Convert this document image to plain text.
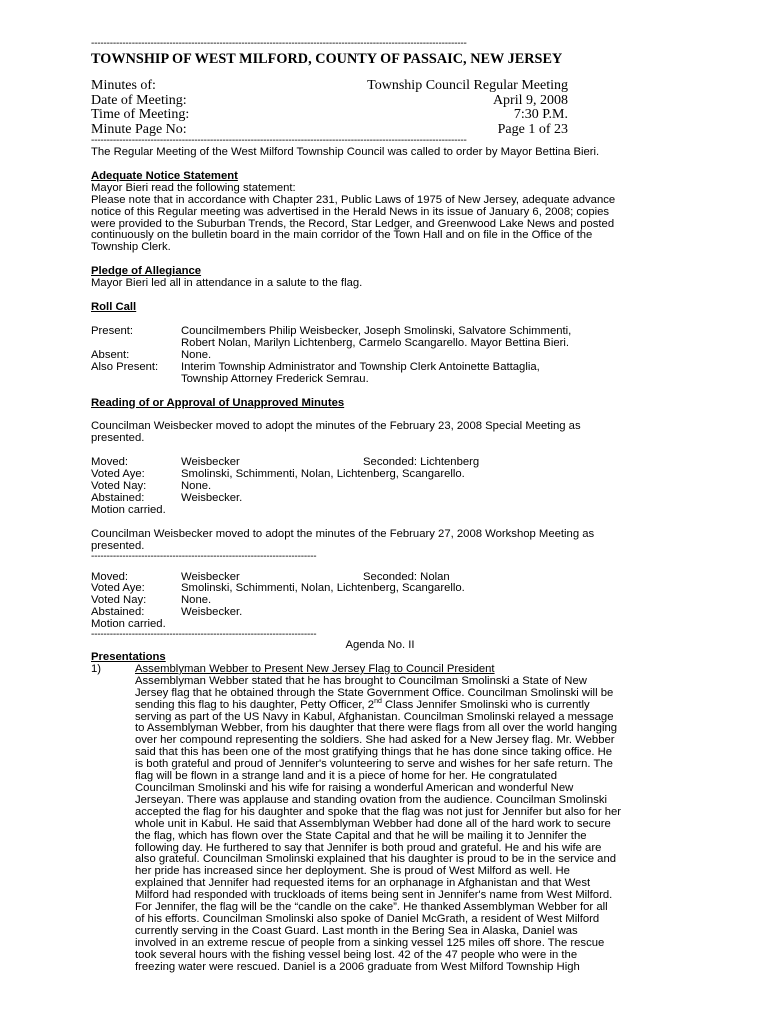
------------------------------------------------------------------------------------------------------------------------
TOWNSHIP OF WEST MILFORD, COUNTY OF PASSAIC, NEW JERSEY
Minutes of:	Township Council Regular Meeting
Date of Meeting:	April 9, 2008
Time of Meeting:	7:30 P.M.
Minute Page No:	Page 1 of 23
------------------------------------------------------------------------------------------------------------------------
The Regular Meeting of the West Milford Township Council was called to order by Mayor Bettina Bieri.
Adequate Notice Statement
Mayor Bieri read the following statement:
Please note that in accordance with Chapter 231, Public Laws of 1975 of New Jersey, adequate advance
notice of this Regular meeting was advertised in the Herald News in its issue of January 6, 2008; copies
were provided to the Suburban Trends, the Record, Star Ledger, and Greenwood Lake News and posted
continuously on the bulletin board in the main corridor of the Town Hall and on file in the Office of the
Township Clerk.
Pledge of Allegiance
Mayor Bieri led all in attendance in a salute to the flag.
Roll Call
Present:	Councilmembers Philip Weisbecker, Joseph Smolinski, Salvatore Schimmenti,
Robert Nolan, Marilyn Lichtenberg, Carmelo Scangarello. Mayor Bettina Bieri.
Absent:	None.
Also Present:	Interim Township Administrator and Township Clerk Antoinette Battaglia,
Township Attorney Frederick Semrau.
Reading of or Approval of Unapproved Minutes
Councilman Weisbecker moved to adopt the minutes of the February 23, 2008 Special Meeting as
presented.
Moved:	Weisbecker	Seconded: Lichtenberg
Voted Aye:	Smolinski, Schimmenti, Nolan, Lichtenberg, Scangarello.
Voted Nay:	None.
Abstained:	Weisbecker.
Motion carried.
Councilman Weisbecker moved to adopt the minutes of the February 27, 2008 Workshop Meeting as
presented.
------------------------------------------------------------------------
Moved:	Weisbecker	Seconded: Nolan
Voted Aye:	Smolinski, Schimmenti, Nolan, Lichtenberg, Scangarello.
Voted Nay:	None.
Abstained:	Weisbecker.
Motion carried.
------------------------------------------------------------------------
Agenda No. II
Presentations
1)	Assemblyman Webber to Present New Jersey Flag to Council President
Assemblyman Webber stated that he has brought to Councilman Smolinski a State of New
Jersey flag that he obtained through the State Government Office. Councilman Smolinski will be
sending this flag to his daughter, Petty Officer, 2nd Class Jennifer Smolinski who is currently
serving as part of the US Navy in Kabul, Afghanistan. Councilman Smolinski relayed a message
to Assemblyman Webber, from his daughter that there were flags from all over the world hanging
over her compound representing the soldiers. She had asked for a New Jersey flag. Mr. Webber
said that this has been one of the most gratifying things that he has done since taking office. He
is both grateful and proud of Jennifer's volunteering to serve and wishes for her safe return. The
flag will be flown in a strange land and it is a piece of home for her. He congratulated
Councilman Smolinski and his wife for raising a wonderful American and wonderful New
Jerseyan. There was applause and standing ovation from the audience. Councilman Smolinski
accepted the flag for his daughter and spoke that the flag was not just for Jennifer but also for her
whole unit in Kabul. He said that Assemblyman Webber had done all of the hard work to secure
the flag, which has flown over the State Capital and that he will be mailing it to Jennifer the
following day. He furthered to say that Jennifer is both proud and grateful. He and his wife are
also grateful. Councilman Smolinski explained that his daughter is proud to be in the service and
her pride has increased since her deployment. She is proud of West Milford as well. He
explained that Jennifer had requested items for an orphanage in Afghanistan and that West
Milford had responded with truckloads of items being sent in Jennifer's name from West Milford.
For Jennifer, the flag will be the “candle on the cake”. He thanked Assemblyman Webber for all
of his efforts. Councilman Smolinski also spoke of Daniel McGrath, a resident of West Milford
currently serving in the Coast Guard. Last month in the Bering Sea in Alaska, Daniel was
involved in an extreme rescue of people from a sinking vessel 125 miles off shore. The rescue
took several hours with the fishing vessel being lost. 42 of the 47 people who were in the
freezing water were rescued. Daniel is a 2006 graduate from West Milford Township High
